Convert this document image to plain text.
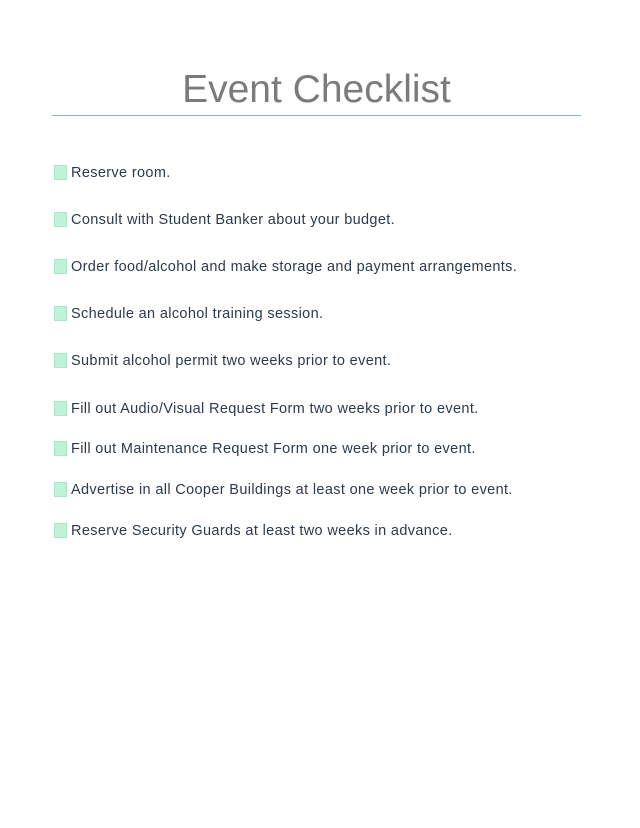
Event Checklist
Reserve room.
Consult with Student Banker about your budget.
Order food/alcohol and make storage and payment arrangements.
Schedule an alcohol training session.
Submit alcohol permit two weeks prior to event.
Fill out Audio/Visual Request Form two weeks prior to event.
Fill out Maintenance Request Form one week prior to event.
Advertise in all Cooper Buildings at least one week prior to event.
Reserve Security Guards at least two weeks in advance.
